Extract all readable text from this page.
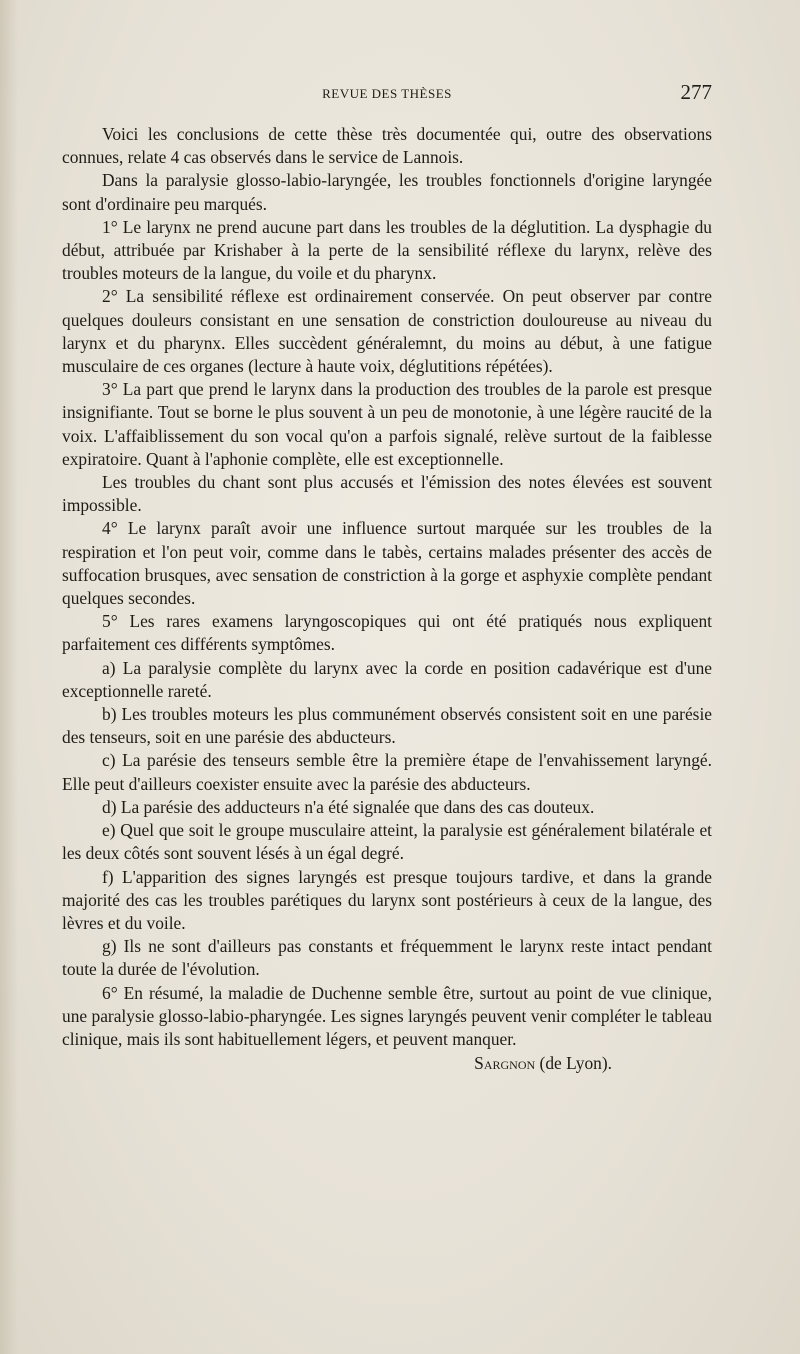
REVUE DES THÈSES	277

Voici les conclusions de cette thèse très documentée qui, outre des observations connues, relate 4 cas observés dans le service de Lannois.

Dans la paralysie glosso-labio-laryngée, les troubles fonctionnels d'origine laryngée sont d'ordinaire peu marqués.

1° Le larynx ne prend aucune part dans les troubles de la déglutition. La dysphagie du début, attribuée par Krishaber à la perte de la sensibilité réflexe du larynx, relève des troubles moteurs de la langue, du voile et du pharynx.

2° La sensibilité réflexe est ordinairement conservée. On peut observer par contre quelques douleurs consistant en une sensation de constriction douloureuse au niveau du larynx et du pharynx. Elles succèdent généralemnt, du moins au début, à une fatigue musculaire de ces organes (lecture à haute voix, déglutitions répétées).

3° La part que prend le larynx dans la production des troubles de la parole est presque insignifiante. Tout se borne le plus souvent à un peu de monotonie, à une légère raucité de la voix. L'affaiblissement du son vocal qu'on a parfois signalé, relève surtout de la faiblesse expiratoire. Quant à l'aphonie complète, elle est exceptionnelle.

Les troubles du chant sont plus accusés et l'émission des notes élevées est souvent impossible.

4° Le larynx paraît avoir une influence surtout marquée sur les troubles de la respiration et l'on peut voir, comme dans le tabès, certains malades présenter des accès de suffocation brusques, avec sensation de constriction à la gorge et asphyxie complète pendant quelques secondes.

5° Les rares examens laryngoscopiques qui ont été pratiqués nous expliquent parfaitement ces différents symptômes.

a) La paralysie complète du larynx avec la corde en position cadavérique est d'une exceptionnelle rareté.

b) Les troubles moteurs les plus communément observés consistent soit en une parésie des tenseurs, soit en une parésie des abducteurs.

c) La parésie des tenseurs semble être la première étape de l'envahissement laryngé. Elle peut d'ailleurs coexister ensuite avec la parésie des abducteurs.

d) La parésie des adducteurs n'a été signalée que dans des cas douteux.

e) Quel que soit le groupe musculaire atteint, la paralysie est généralement bilatérale et les deux côtés sont souvent lésés à un égal degré.

f) L'apparition des signes laryngés est presque toujours tardive, et dans la grande majorité des cas les troubles parétiques du larynx sont postérieurs à ceux de la langue, des lèvres et du voile.

g) Ils ne sont d'ailleurs pas constants et fréquemment le larynx reste intact pendant toute la durée de l'évolution.

6° En résumé, la maladie de Duchenne semble être, surtout au point de vue clinique, une paralysie glosso-labio-pharyngée. Les signes laryngés peuvent venir compléter le tableau clinique, mais ils sont habituellement légers, et peuvent manquer.

Sargnon (de Lyon).
